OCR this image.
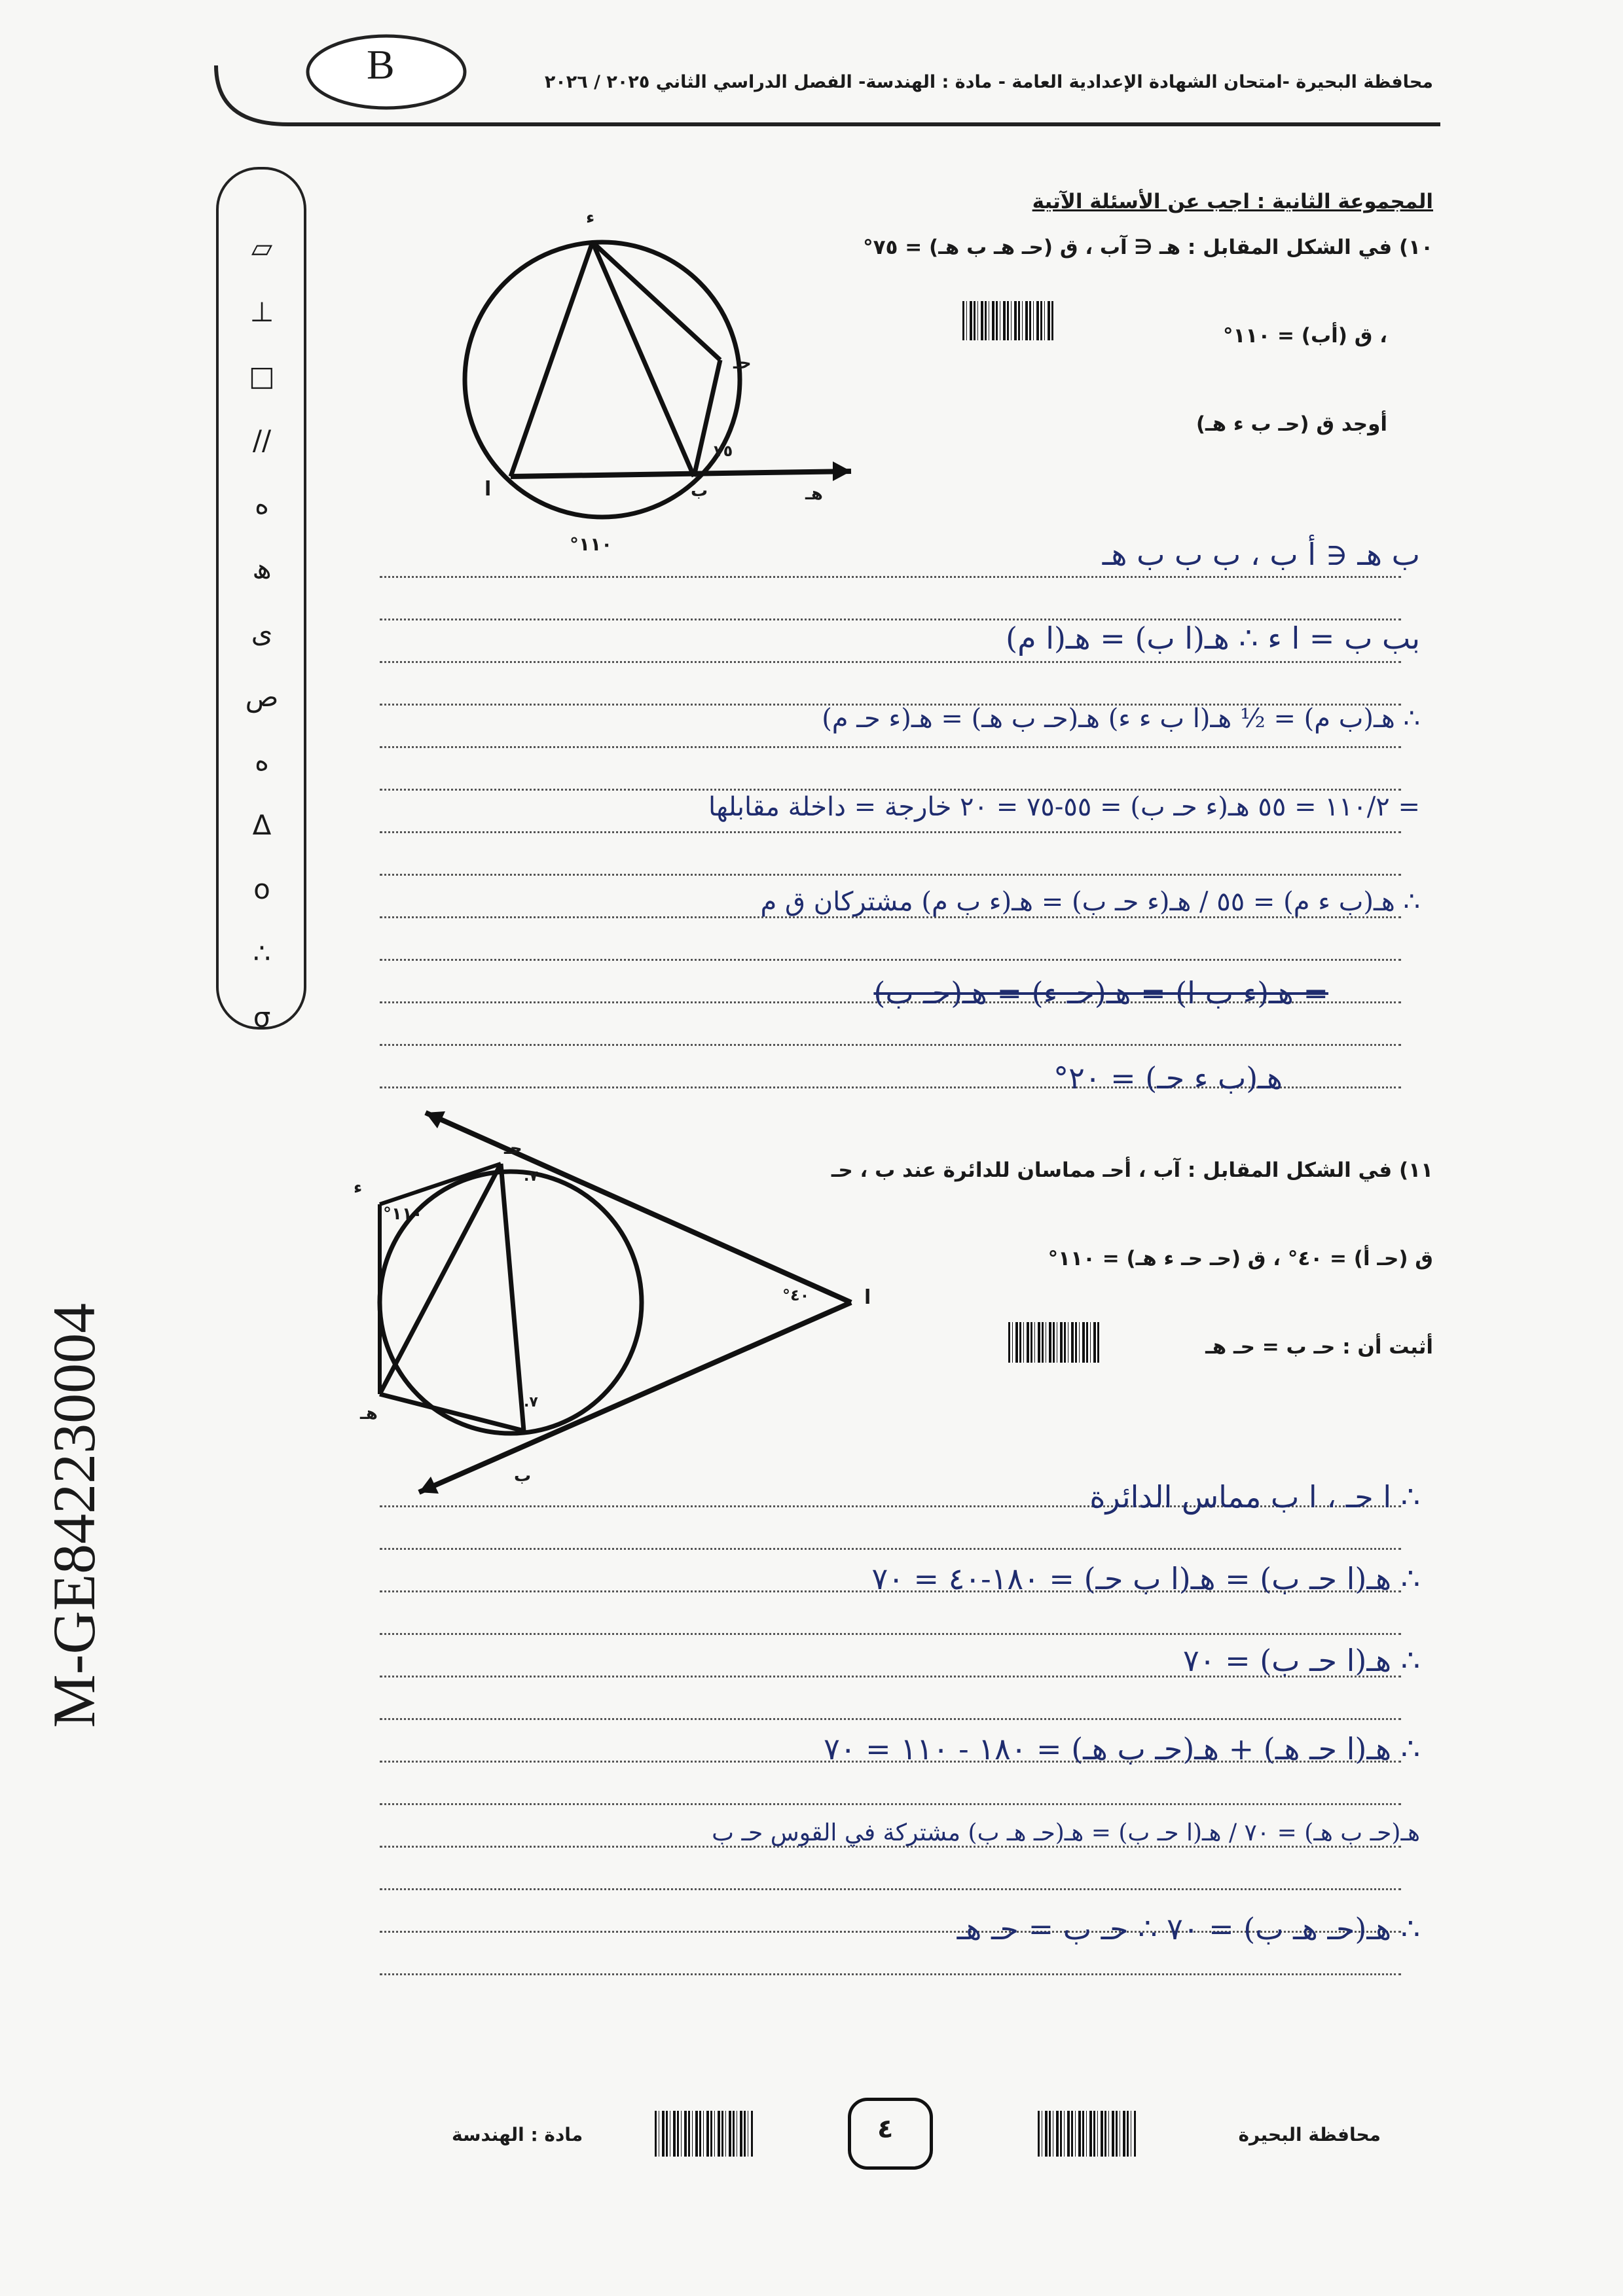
B	محافظة البحيرة -امتحان الشهادة الإعدادية العامة - مادة : الهندسة- الفصل الدراسي الثاني ٢٠٢٥ / ٢٠٢٦
▱
⊥
□
//
ه
ھ
ی
ص
ه
Δ
ο
∴
σ
M-GE842230004
المجموعة الثانية : اجب عن الأسئلة الآتية
١٠) في الشكل المقابل : هـ ∈ آب ، ق (حـ هـ ب هـ) = ٧٥°
، ق (أب) = ١١٠°
أوجد ق (حـ ب ء هـ)
ء
حـ
ا	ب	هـ
٧٥
١١٠°	ب هـ ∈ أ ب ، ب ب ب هـ
بب ب = ا ء ∴ هـ(ا ب) = هـ(ا م)
∴ هـ(ب م) = ½ هـ(ا ب ء ء) هـ(حـ ب هـ) = هـ(ء حـ م)
= ١١٠/٢ = ٥٥ هـ(ء حـ ب) = ٥٥-٧٥ = ٢٠ خارجة = داخلة مقابلها
∴ هـ(ب ء م) = ٥٥ / هـ(ء حـ ب) = هـ(ء ب م) مشتركان ق م
= هـ(ء ب ا) = هـ(حـ ء) = هـ(حـ ب)
هـ(ب ء حـ) = ٢٠°
١١) في الشكل المقابل : آب ، أحـ مماسان للدائرة عند ب ، حـ
ق (حـ أ) = ٤٠° ، ق (حـ حـ ء هـ) = ١١٠°
أثبت أن : حـ ب = حـ هـ
ا
ب
حـ
ء
هـ
٤٠°
١١٠°
٧.
٧.
∴ ا حـ ، ا ب مماس الدائرة
∴ هـ(ا حـ ب) = هـ(ا ب حـ) = ١٨٠-٤٠ = ٧٠
∴ هـ(ا حـ ب) = ٧٠
∴ هـ(ا حـ هـ) + هـ(حـ ب هـ) = ١٨٠ - ١١٠ = ٧٠
هـ(حـ ب هـ) = ٧٠ / هـ(ا حـ ب) = هـ(حـ هـ ب) مشتركة في القوس حـ ب
∴ هـ(حـ هـ ب) = ٧٠ ∴ حـ ب = حـ هـ
مادة : الهندسة	٤	محافظة البحيرة
